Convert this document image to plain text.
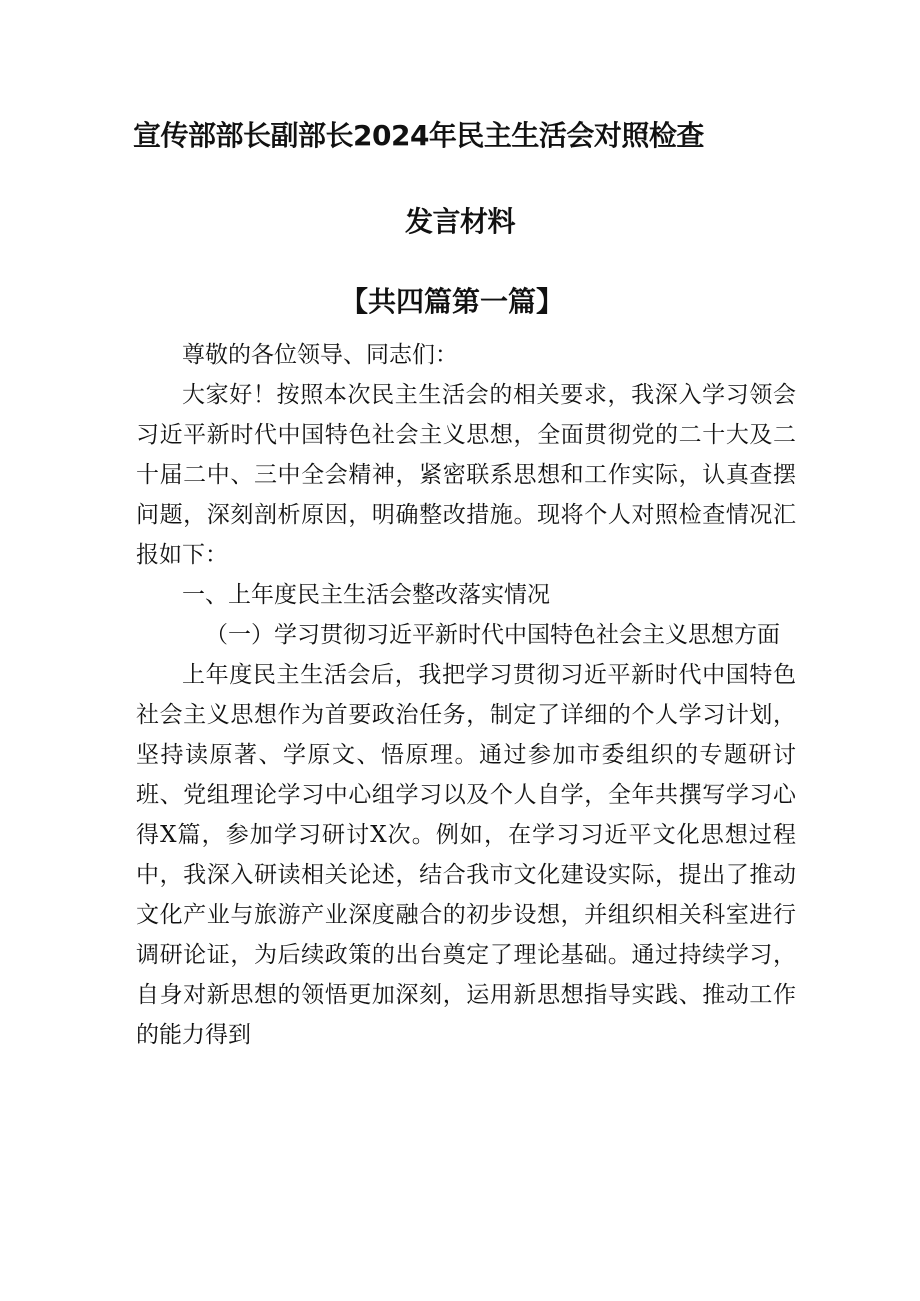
宣传部部长副部长2024年民主生活会对照检查
发言材料
【共四篇第一篇】

尊敬的各位领导、同志们：

大家好！按照本次民主生活会的相关要求，我深入学习领会习近平新时代中国特色社会主义思想，全面贯彻党的二十大及二十届二中、三中全会精神，紧密联系思想和工作实际，认真查摆问题，深刻剖析原因，明确整改措施。现将个人对照检查情况汇报如下：

一、上年度民主生活会整改落实情况

（一）学习贯彻习近平新时代中国特色社会主义思想方面

上年度民主生活会后，我把学习贯彻习近平新时代中国特色社会主义思想作为首要政治任务，制定了详细的个人学习计划，坚持读原著、学原文、悟原理。通过参加市委组织的专题研讨班、党组理论学习中心组学习以及个人自学，全年共撰写学习心得X篇，参加学习研讨X次。例如，在学习习近平文化思想过程中，我深入研读相关论述，结合我市文化建设实际，提出了推动文化产业与旅游产业深度融合的初步设想，并组织相关科室进行调研论证，为后续政策的出台奠定了理论基础。通过持续学习，自身对新思想的领悟更加深刻，运用新思想指导实践、推动工作的能力得到
